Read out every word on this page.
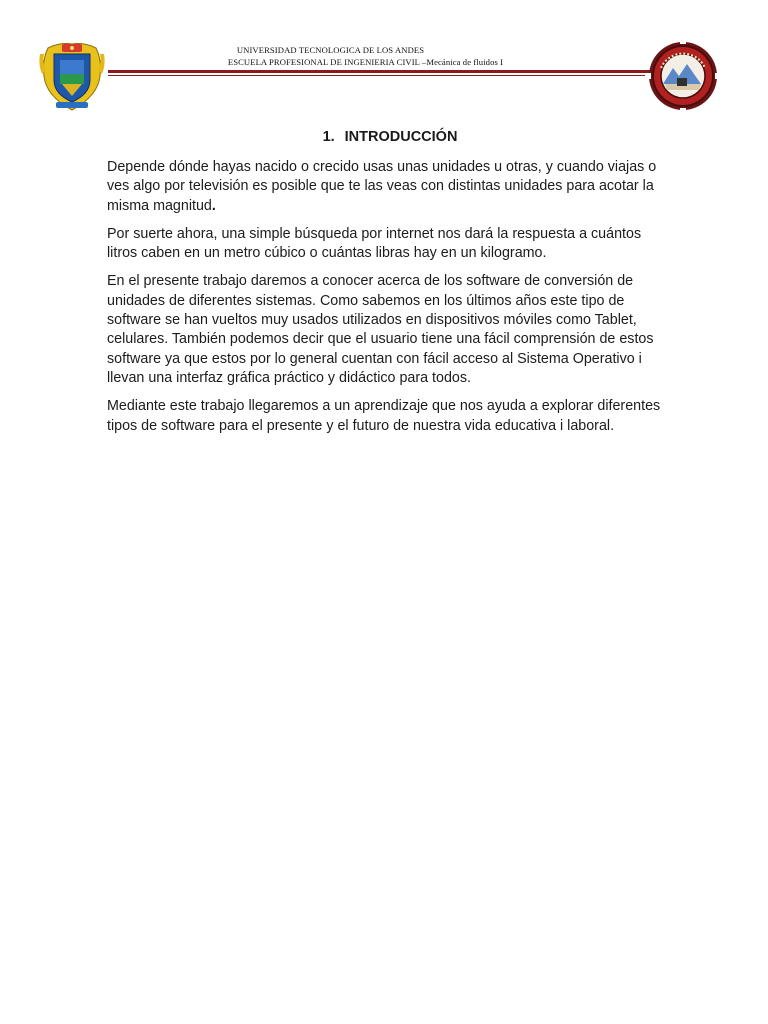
UNIVERSIDAD TECNOLOGICA DE LOS ANDES
ESCUELA PROFESIONAL DE INGENIERIA CIVIL –Mecánica de fluidos I
1. INTRODUCCIÓN

Depende dónde hayas nacido o crecido usas unas unidades u otras, y cuando viajas o ves algo por televisión es posible que te las veas con distintas unidades para acotar la misma magnitud.

Por suerte ahora, una simple búsqueda por internet nos dará la respuesta a cuántos litros caben en un metro cúbico o cuántas libras hay en un kilogramo.

En el presente trabajo daremos a conocer acerca de los software de conversión de unidades de diferentes sistemas. Como sabemos en los últimos años este tipo de software se han vueltos muy usados utilizados en dispositivos móviles como Tablet, celulares. También podemos decir que el usuario tiene una fácil comprensión de estos software ya que estos por lo general cuentan con fácil acceso al Sistema Operativo i llevan una interfaz gráfica práctico y didáctico para todos.

Mediante este trabajo llegaremos a un aprendizaje que nos ayuda a explorar diferentes tipos de software para el presente y el futuro de nuestra vida educativa i laboral.
